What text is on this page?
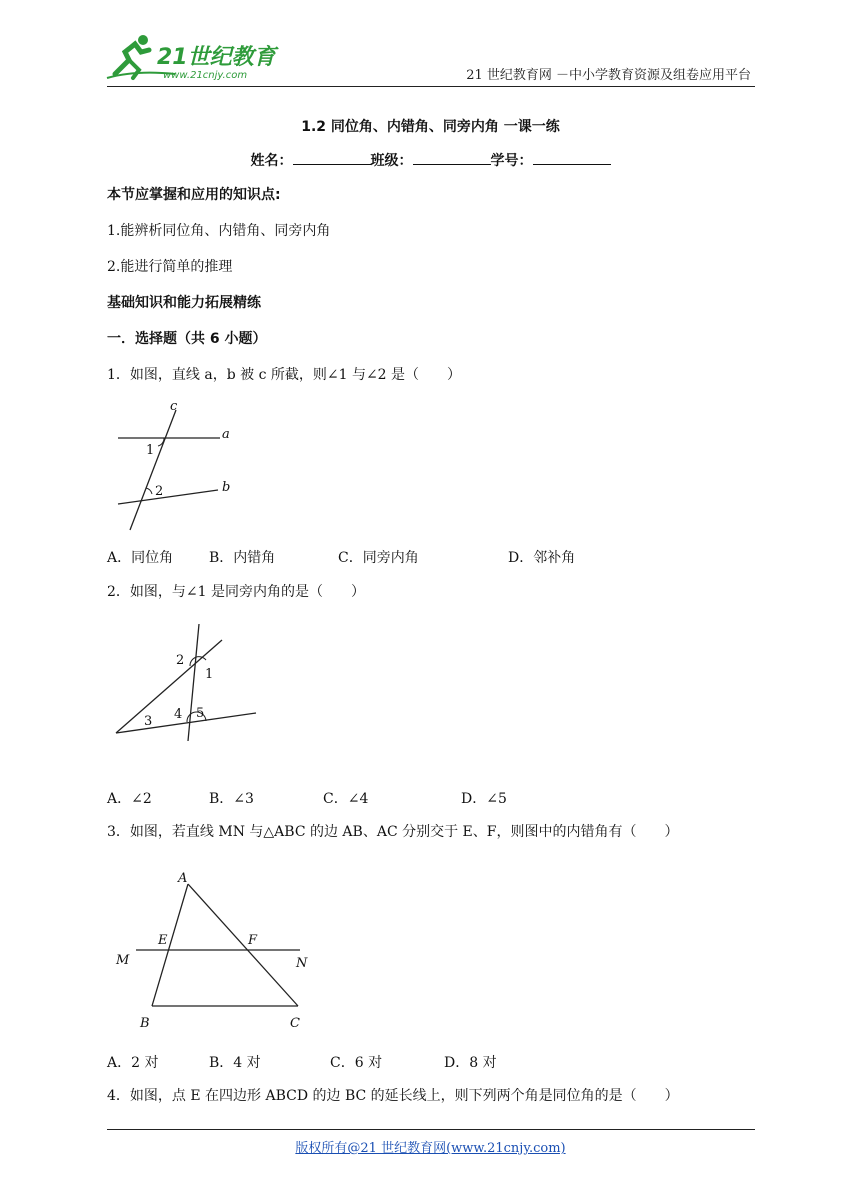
21世纪教育
www.21cnjy.com	21 世纪教育网 －中小学教育资源及组卷应用平台
1.2 同位角、内错角、同旁内角 一课一练
姓名：	班级：	学号：
本节应掌握和应用的知识点:
1.能辨析同位角、内错角、同旁内角
2.能进行简单的推理
基础知识和能力拓展精练
一．选择题（共 6 小题）
1．如图，直线 a，b 被 c 所截，则∠1 与∠2 是（　　）
c
a
b
1
2
A．同位角	B．内错角	C．同旁内角	D．邻补角
2．如图，与∠1 是同旁内角的是（　　）
2
1
3 4 5
A．∠2	B．∠3	C．∠4	D．∠5
3．如图，若直线 MN 与△ABC 的边 AB、AC 分别交于 E、F，则图中的内错角有（　　）
A
B	C
E	F
M	N
A．2 对	B．4 对	C．6 对	D．8 对
4．如图，点 E 在四边形 ABCD 的边 BC 的延长线上，则下列两个角是同位角的是（　　）
版权所有@21 世纪教育网(www.21cnjy.com)
